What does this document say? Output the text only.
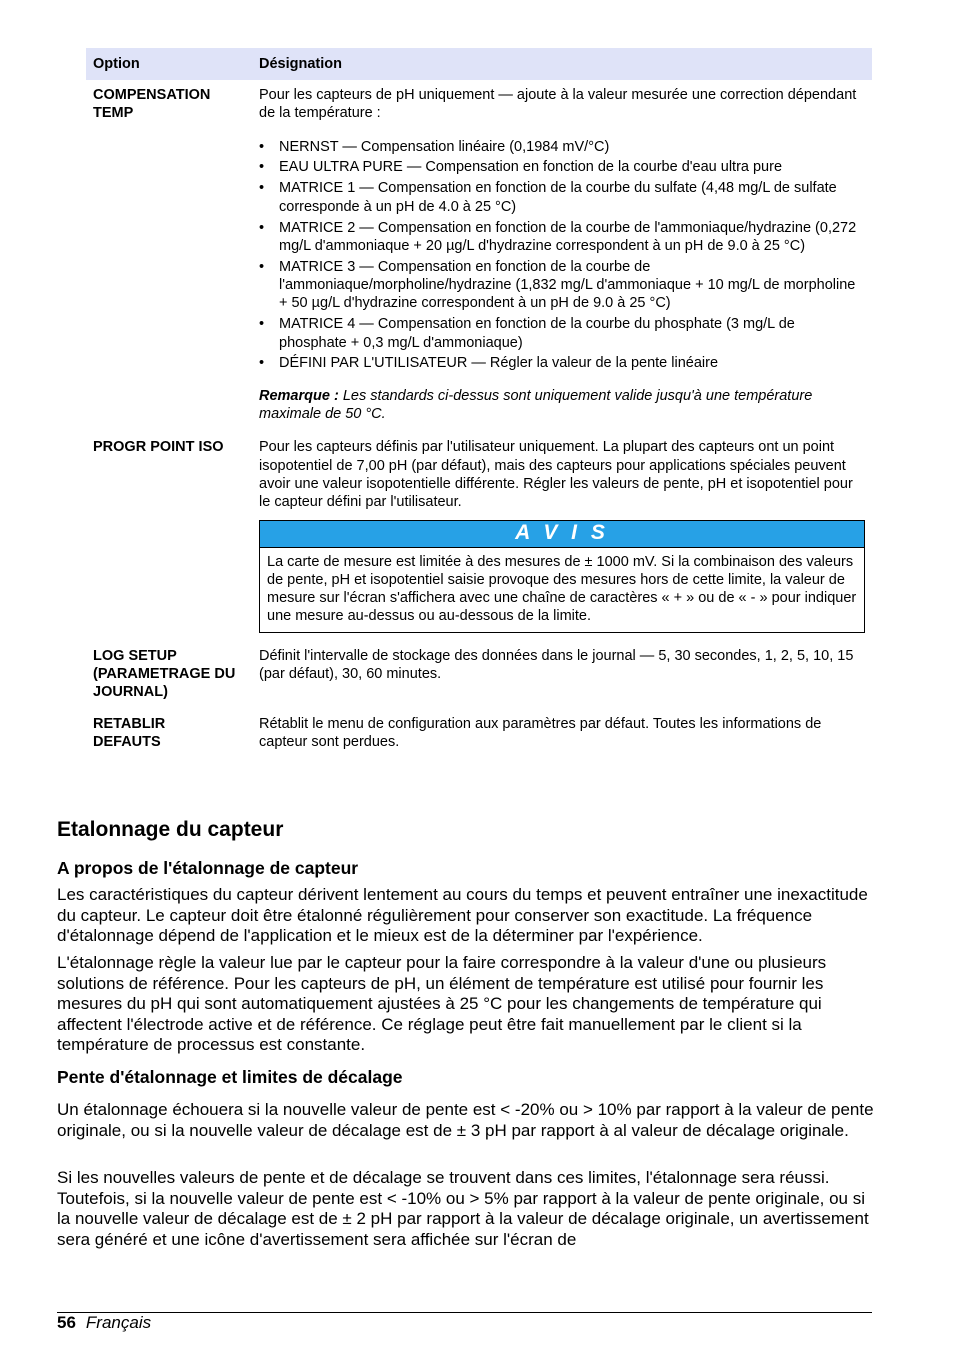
Option	Désignation
COMPENSATION TEMP
Pour les capteurs de pH uniquement — ajoute à la valeur mesurée une correction dépendant de la température :
• NERNST — Compensation linéaire (0,1984 mV/°C)
• EAU ULTRA PURE — Compensation en fonction de la courbe d'eau ultra pure
• MATRICE 1 — Compensation en fonction de la courbe du sulfate (4,48 mg/L de sulfate corresponde à un pH de 4.0 à 25 °C)
• MATRICE 2 — Compensation en fonction de la courbe de l'ammoniaque/hydrazine (0,272 mg/L d'ammoniaque + 20 µg/L d'hydrazine correspondent à un pH de 9.0 à 25 °C)
• MATRICE 3 — Compensation en fonction de la courbe de l'ammoniaque/morpholine/hydrazine (1,832 mg/L d'ammoniaque + 10 mg/L de morpholine + 50 µg/L d'hydrazine correspondent à un pH de 9.0 à 25 °C)
• MATRICE 4 — Compensation en fonction de la courbe du phosphate (3 mg/L de phosphate + 0,3 mg/L d'ammoniaque)
• DÉFINI PAR L'UTILISATEUR — Régler la valeur de la pente linéaire
Remarque : Les standards ci-dessus sont uniquement valide jusqu'à une température maximale de 50 °C.
PROGR POINT ISO	Pour les capteurs définis par l'utilisateur uniquement. La plupart des capteurs ont un point isopotentiel de 7,00 pH (par défaut), mais des capteurs pour applications spéciales peuvent avoir une valeur isopotentielle différente. Régler les valeurs de pente, pH et isopotentiel pour le capteur défini par l'utilisateur.
A V I S
La carte de mesure est limitée à des mesures de ± 1000 mV. Si la combinaison des valeurs de pente, pH et isopotentiel saisie provoque des mesures hors de cette limite, la valeur de mesure sur l'écran s'affichera avec une chaîne de caractères « + » ou de « - » pour indiquer une mesure au-dessus ou au-dessous de la limite.
LOG SETUP (PARAMETRAGE DU JOURNAL)
Définit l'intervalle de stockage des données dans le journal — 5, 30 secondes, 1, 2, 5, 10, 15 (par défaut), 30, 60 minutes.
RETABLIR DEFAUTS
Rétablit le menu de configuration aux paramètres par défaut. Toutes les informations de capteur sont perdues.
Etalonnage du capteur
A propos de l'étalonnage de capteur

Les caractéristiques du capteur dérivent lentement au cours du temps et peuvent entraîner une inexactitude du capteur. Le capteur doit être étalonné régulièrement pour conserver son exactitude. La fréquence d'étalonnage dépend de l'application et le mieux est de la déterminer par l'expérience.

L'étalonnage règle la valeur lue par le capteur pour la faire correspondre à la valeur d'une ou plusieurs solutions de référence. Pour les capteurs de pH, un élément de température est utilisé pour fournir les mesures du pH qui sont automatiquement ajustées à 25 °C pour les changements de température qui affectent l'électrode active et de référence. Ce réglage peut être fait manuellement par le client si la température de processus est constante.

Pente d'étalonnage et limites de décalage

Un étalonnage échouera si la nouvelle valeur de pente est < -20% ou > 10% par rapport à la valeur de pente originale, ou si la nouvelle valeur de décalage est de ± 3 pH par rapport à al valeur de décalage originale.

Si les nouvelles valeurs de pente et de décalage se trouvent dans ces limites, l'étalonnage sera réussi. Toutefois, si la nouvelle valeur de pente est < -10% ou > 5% par rapport à la valeur de pente originale, ou si la nouvelle valeur de décalage est de ± 2 pH par rapport à la valeur de décalage originale, un avertissement sera généré et une icône d'avertissement sera affichée sur l'écran de

56 Français
